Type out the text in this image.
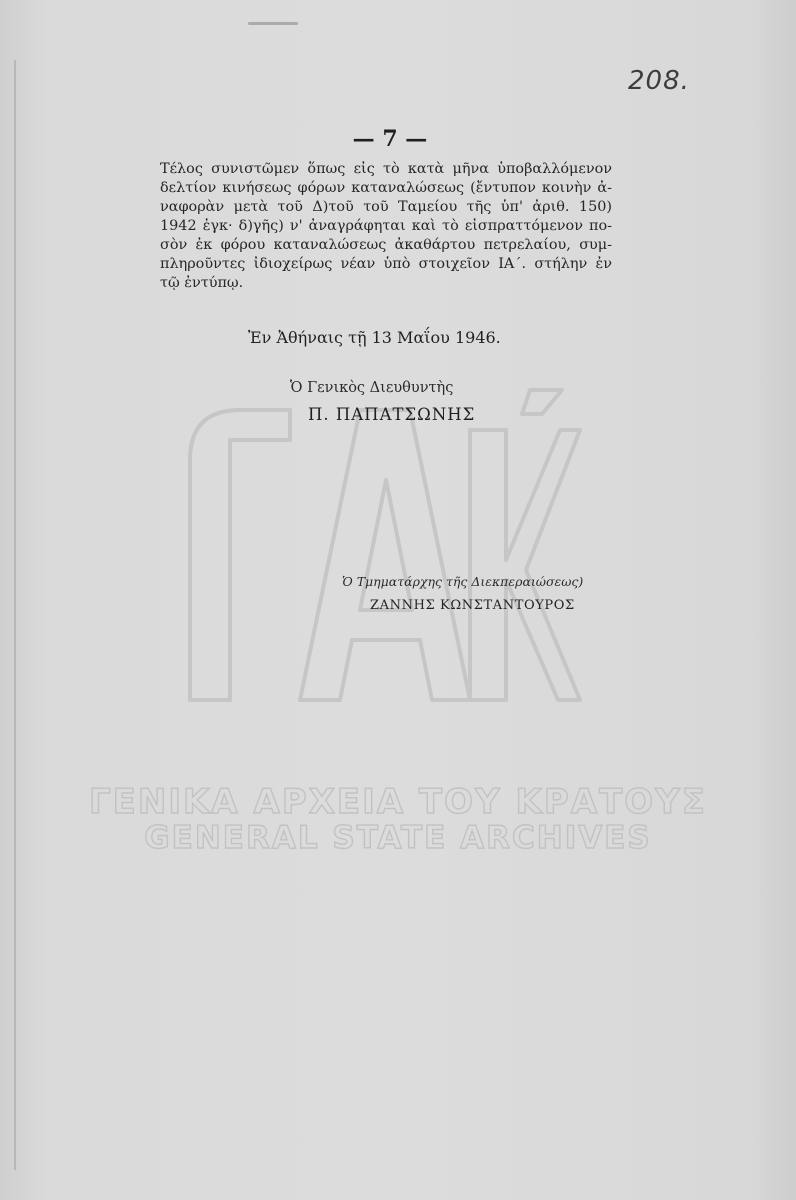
208.
ΓΕΝΙΚΑ ΑΡΧΕΙΑ ΤΟΥ ΚΡΑΤΟΥΣ
GENERAL STATE ARCHIVES
— 7 —
Τέλος συνιστῶμεν ὅπως εἰς τὸ κατὰ μῆνα ὑποβαλλόμενον
δελτίον κινήσεως φόρων καταναλώσεως (ἔντυπον κοινὴν ἀ-
ναφορὰν μετὰ τοῦ Δ)τοῦ τοῦ Ταμείου τῆς ὑπ' ἀριθ. 150)
1942 ἐγκ· δ)γῆς) ν' ἀναγράφηται καὶ τὸ εἰσπραττόμενον πο-
σὸν ἐκ φόρου καταναλώσεως ἀκαθάρτου πετρελαίου, συμ-
πληροῦντες ἰδιοχείρως νέαν ὑπὸ στοιχεῖον ΙΑ΄. στήλην ἐν
τῷ ἐντύπῳ.
Ἐν Ἀθήναις τῇ 13 Μαΐου 1946.
Ὁ Γενικὸς Διευθυντὴς
Π. ΠΑΠΑΤΣΩΝΗΣ
Ὁ Τμηματάρχης τῆς Διεκπεραιώσεως)
ΖΑΝΝΗΣ ΚΩΝΣΤΑΝΤΟΥΡΟΣ
